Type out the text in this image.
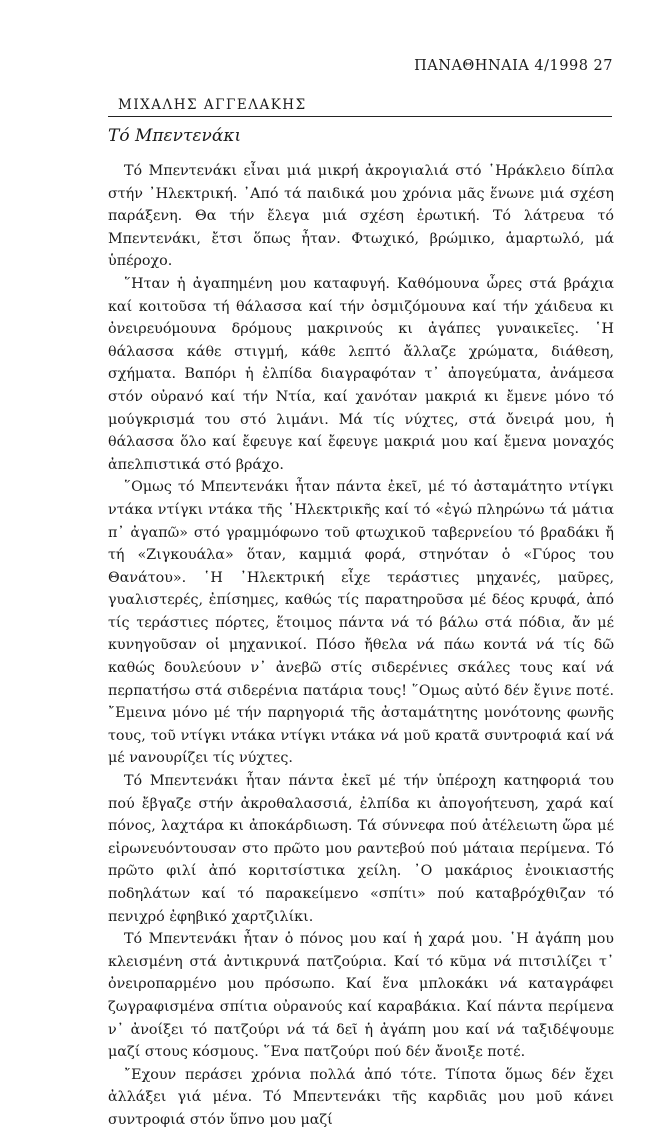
ΠΑΝΑΘΗΝΑΙΑ 4/1998 27
ΜΙΧΑΛΗΣ ΑΓΓΕΛΑΚΗΣ
Τό Μπεντενάκι

Τό Μπεντενάκι εἶναι μιά μικρή ἀκρογιαλιά στό ῾Ηράκλειο δίπλα στήν ᾿Ηλεκτρική. ᾿Από τά παιδικά μου χρόνια μᾶς ἕνωνε μιά σχέση παράξενη. Θα τήν ἔλεγα μιά σχέση ἐρωτική. Τό λάτρευα τό Μπεντενάκι, ἔτσι ὅπως ἦταν. Φτωχικό, βρώμικο, ἁμαρτωλό, μά ὑπέροχο.

῞Ηταν ἡ ἀγαπημένη μου καταφυγή. Καθόμουνα ὧρες στά βράχια καί κοιτοῦσα τή θάλασσα καί τήν ὀσμιζόμουνα καί τήν χάιδευα κι ὀνειρευόμουνα δρόμους μακρινούς κι ἀγάπες γυναικεῖες. ῾Η θάλασσα κάθε στιγμή, κάθε λεπτό ἄλλαζε χρώματα, διάθεση, σχήματα. Βαπόρι ἡ ἐλπίδα διαγραφόταν τ᾿ ἀπογεύματα, ἀνάμεσα στόν οὐρανό καί τήν Ντία, καί χανόταν μακριά κι ἔμενε μόνο τό μούγκρισμά του στό λιμάνι. Μά τίς νύχτες, στά ὄνειρά μου, ἡ θάλασσα ὅλο καί ἔφευγε καί ἔφευγε μακριά μου καί ἔμενα μοναχός ἀπελπιστικά στό βράχο.

῞Ομως τό Μπεντενάκι ἦταν πάντα ἐκεῖ, μέ τό ἀσταμάτητο ντίγκι ντάκα ντίγκι ντάκα τῆς ῾Ηλεκτρικῆς καί τό «ἐγώ πληρώνω τά μάτια π᾿ ἀγαπῶ» στό γραμμόφωνο τοῦ φτωχικοῦ ταβερνείου τό βραδάκι ἤ τή «Ζιγκουάλα» ὅταν, καμμιά φορά, στηνόταν ὁ «Γύρος του Θανάτου». ῾Η ᾿Ηλεκτρική εἶχε τεράστιες μηχανές, μαῦρες, γυαλιστερές, ἐπίσημες, καθώς τίς παρατηροῦσα μέ δέος κρυφά, ἀπό τίς τεράστιες πόρτες, ἕτοιμος πάντα νά τό βάλω στά πόδια, ἄν μέ κυνηγοῦσαν οἱ μηχανικοί. Πόσο ἤθελα νά πάω κοντά νά τίς δῶ καθώς δουλεύουν ν᾿ ἀνεβῶ στίς σιδερένιες σκάλες τους καί νά περπατήσω στά σιδερένια πατάρια τους! ῞Ομως αὐτό δέν ἔγινε ποτέ. ῎Εμεινα μόνο μέ τήν παρηγοριά τῆς ἀσταμάτητης μονότονης φωνῆς τους, τοῦ ντίγκι ντάκα ντίγκι ντάκα νά μοῦ κρατᾶ συντροφιά καί νά μέ νανουρίζει τίς νύχτες.

Τό Μπεντενάκι ἦταν πάντα ἐκεῖ μέ τήν ὑπέροχη κατηφοριά του πού ἔβγαζε στήν ἀκροθαλασσιά, ἐλπίδα κι ἀπογοήτευση, χαρά καί πόνος, λαχτάρα κι ἀποκάρδιωση. Τά σύννεφα πού ἀτέλειωτη ὥρα μέ εἰρωνευόντουσαν στο πρῶτο μου ραντεβού πού μάταια περίμενα. Τό πρῶτο φιλί ἀπό κοριτσίστικα χείλη. ᾿Ο μακάριος ἐνοικιαστής ποδηλάτων καί τό παρακείμενο «σπίτι» πού καταβρόχθιζαν τό πενιχρό ἐφηβικό χαρτζιλίκι.

Τό Μπεντενάκι ἦταν ὁ πόνος μου καί ἡ χαρά μου. ῾Η ἀγάπη μου κλεισμένη στά ἀντικρυνά πατζούρια. Καί τό κῦμα νά πιτσιλίζει τ᾿ ὀνειροπαρμένο μου πρόσωπο. Καί ἕνα μπλοκάκι νά καταγράφει ζωγραφισμένα σπίτια οὐρανούς καί καραβάκια. Καί πάντα περίμενα ν᾿ ἀνοίξει τό πατζούρι νά τά δεῖ ἡ ἀγάπη μου καί νά ταξιδέψουμε μαζί στους κόσμους. ῞Ενα πατζούρι πού δέν ἄνοιξε ποτέ.

῎Εχουν περάσει χρόνια πολλά ἀπό τότε. Τίποτα ὅμως δέν ἔχει ἀλλάξει γιά μένα. Τό Μπεντενάκι τῆς καρδιᾶς μου μοῦ κάνει συντροφιά στόν ὕπνο μου μαζί
